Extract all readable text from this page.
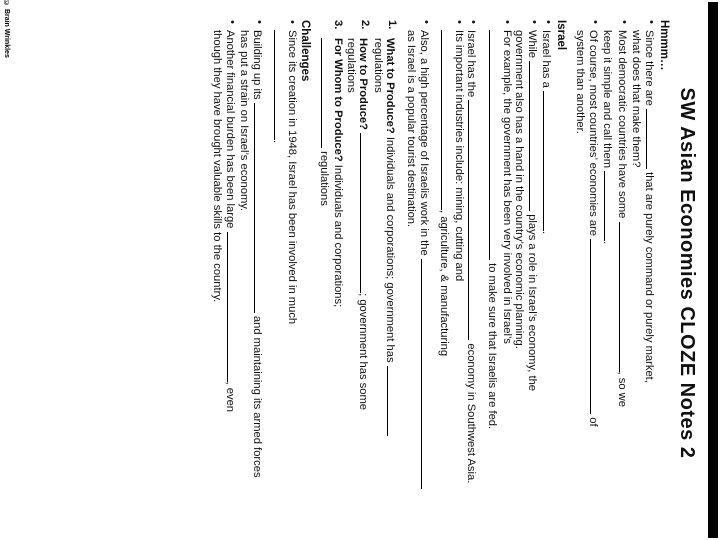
© Brain Wrinkles
SW Asian Economies CLOZE Notes 2
Hmmm…
• Since there are  that are purely command or purely market,
what does that make them?
• Most democratic countries have some , so we
keep it simple and call them .
• Of course, most countries’ economies are  of
system than another.
Israel
• Israel has a .
• While  plays a role in Israel’s economy, the
government also has a hand in the country’s economic planning.
• For example, the government has been very involved in Israel’s
to make sure that Israelis are fed.
• Israel has the  economy in Southwest Asia.
• Its important industries include: mining, cutting and
, agriculture, & manufacturing
• Also, a high percentage of Israelis work in the
as Israel is a popular tourist destination.
1.
What to Produce? Individuals and corporations; government has
regulations
2.
How to Produce? ; government has some
regulations
3.
For Whom to Produce? Individuals and corporations;
regulations
Challenges
• Since its creation in 1948, Israel has been involved in much
.
• Building up its  and maintaining its armed forces
has put a strain on Israel’s economy.
• Another financial burden has been large , even
though they have brought valuable skills to the country.
